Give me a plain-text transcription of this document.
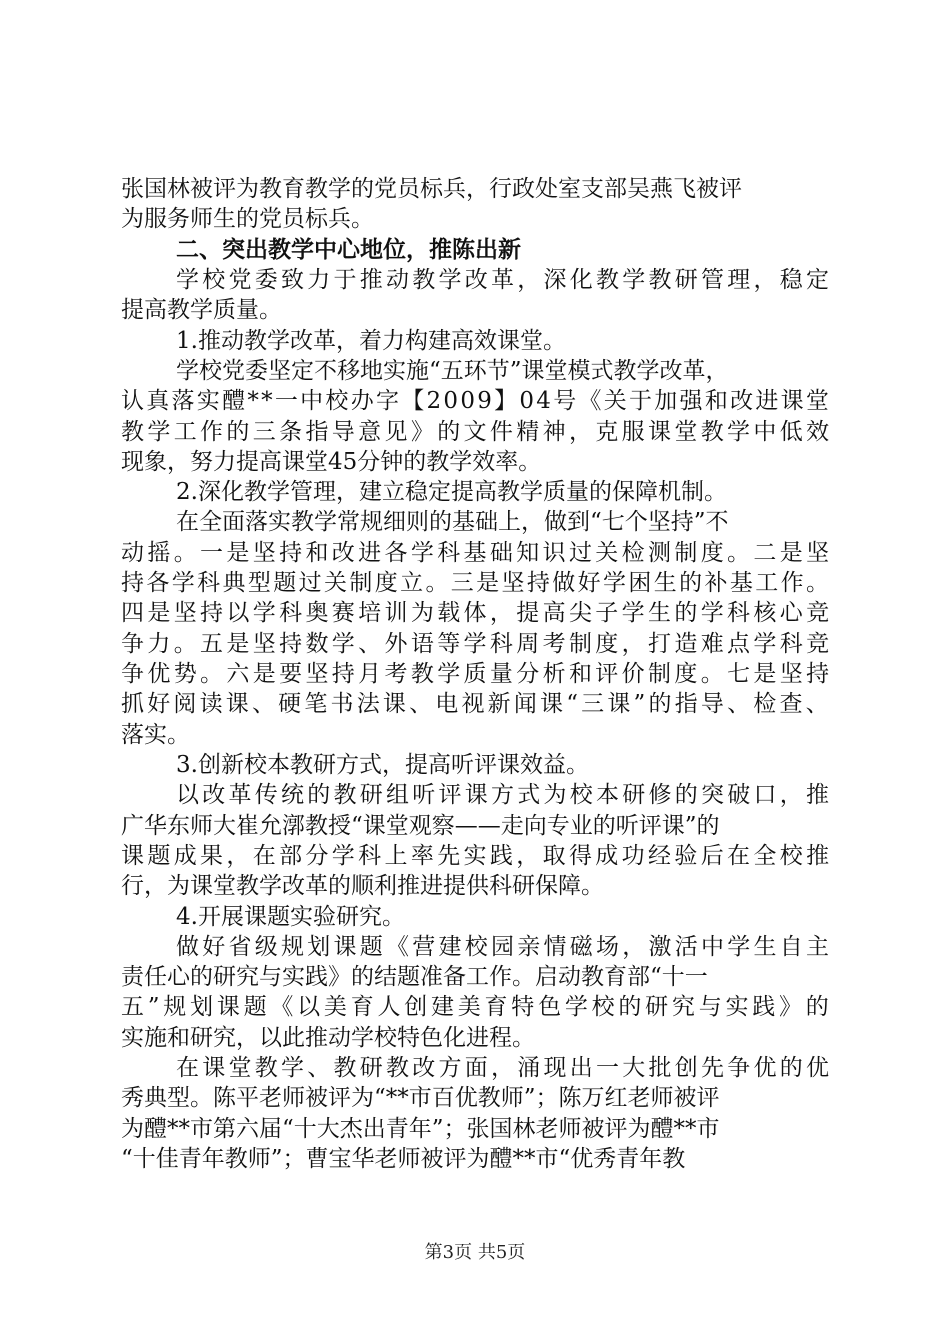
张国林被评为教育教学的党员标兵，行政处室支部吴燕飞被评
为服务师生的党员标兵。
二、突出教学中心地位，推陈出新
学校党委致力于推动教学改革，深化教学教研管理，稳定
提高教学质量。
1.推动教学改革，着力构建高效课堂。
学校党委坚定不移地实施“五环节”课堂模式教学改革，
认真落实醴**一中校办字【2009】04号《关于加强和改进课堂
教学工作的三条指导意见》的文件精神，克服课堂教学中低效
现象，努力提高课堂45分钟的教学效率。
2.深化教学管理，建立稳定提高教学质量的保障机制。
在全面落实教学常规细则的基础上，做到“七个坚持”不
动摇。一是坚持和改进各学科基础知识过关检测制度。二是坚
持各学科典型题过关制度立。三是坚持做好学困生的补基工作。
四是坚持以学科奥赛培训为载体，提高尖子学生的学科核心竞
争力。五是坚持数学、外语等学科周考制度，打造难点学科竞
争优势。六是要坚持月考教学质量分析和评价制度。七是坚持
抓好阅读课、硬笔书法课、电视新闻课“三课”的指导、检查、
落实。
3.创新校本教研方式，提高听评课效益。
以改革传统的教研组听评课方式为校本研修的突破口，推
广华东师大崔允漷教授“课堂观察——走向专业的听评课”的
课题成果，在部分学科上率先实践，取得成功经验后在全校推
行，为课堂教学改革的顺利推进提供科研保障。
4.开展课题实验研究。
做好省级规划课题《营建校园亲情磁场，激活中学生自主
责任心的研究与实践》的结题准备工作。启动教育部“十一
五”规划课题《以美育人创建美育特色学校的研究与实践》的
实施和研究，以此推动学校特色化进程。
在课堂教学、教研教改方面，涌现出一大批创先争优的优
秀典型。陈平老师被评为“**市百优教师”；陈万红老师被评
为醴**市第六届“十大杰出青年”；张国林老师被评为醴**市
“十佳青年教师”；曹宝华老师被评为醴**市“优秀青年教
第3页 共5页
